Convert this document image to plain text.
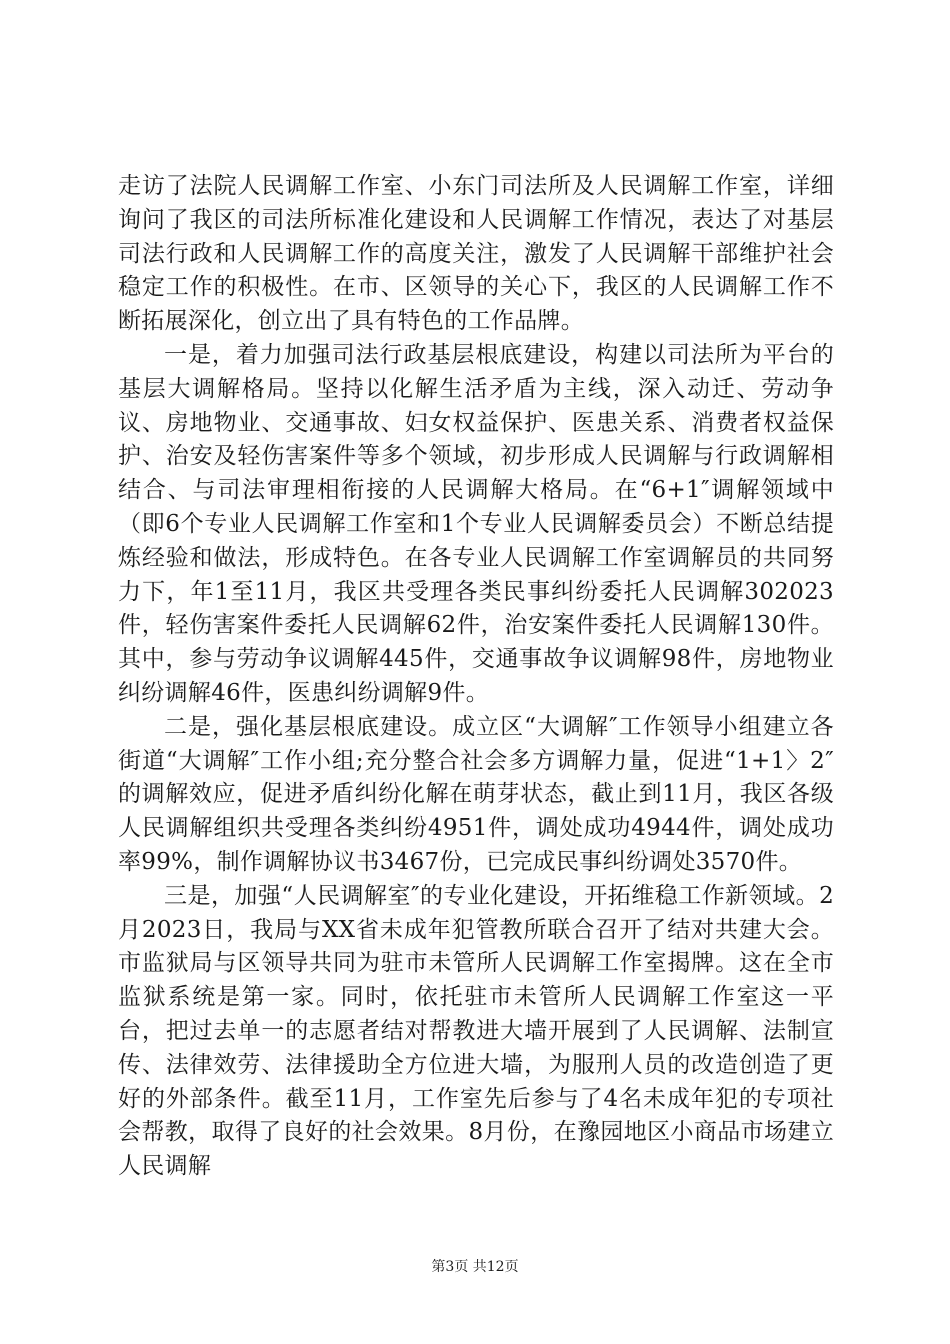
走访了法院人民调解工作室、小东门司法所及人民调解工作室，详细询问了我区的司法所标准化建设和人民调解工作情况，表达了对基层司法行政和人民调解工作的高度关注，激发了人民调解干部维护社会稳定工作的积极性。在市、区领导的关心下，我区的人民调解工作不断拓展深化，创立出了具有特色的工作品牌。

一是，着力加强司法行政基层根底建设，构建以司法所为平台的基层大调解格局。坚持以化解生活矛盾为主线，深入动迁、劳动争议、房地物业、交通事故、妇女权益保护、医患关系、消费者权益保护、治安及轻伤害案件等多个领域，初步形成人民调解与行政调解相结合、与司法审理相衔接的人民调解大格局。在“6+1″调解领域中（即6个专业人民调解工作室和1个专业人民调解委员会）不断总结提炼经验和做法，形成特色。在各专业人民调解工作室调解员的共同努力下，年1至11月，我区共受理各类民事纠纷委托人民调解302023件，轻伤害案件委托人民调解62件，治安案件委托人民调解130件。其中，参与劳动争议调解445件，交通事故争议调解98件，房地物业纠纷调解46件，医患纠纷调解9件。

二是，强化基层根底建设。成立区“大调解″工作领导小组建立各街道“大调解″工作小组;充分整合社会多方调解力量，促进“1+1〉2″的调解效应，促进矛盾纠纷化解在萌芽状态，截止到11月，我区各级人民调解组织共受理各类纠纷4951件，调处成功4944件，调处成功率99%，制作调解协议书3467份，已完成民事纠纷调处3570件。

三是，加强“人民调解室″的专业化建设，开拓维稳工作新领域。2月2023日，我局与XX省未成年犯管教所联合召开了结对共建大会。市监狱局与区领导共同为驻市未管所人民调解工作室揭牌。这在全市监狱系统是第一家。同时，依托驻市未管所人民调解工作室这一平台，把过去单一的志愿者结对帮教进大墙开展到了人民调解、法制宣传、法律效劳、法律援助全方位进大墙，为服刑人员的改造创造了更好的外部条件。截至11月，工作室先后参与了4名未成年犯的专项社会帮教，取得了良好的社会效果。8月份，在豫园地区小商品市场建立人民调解

第3页 共12页
